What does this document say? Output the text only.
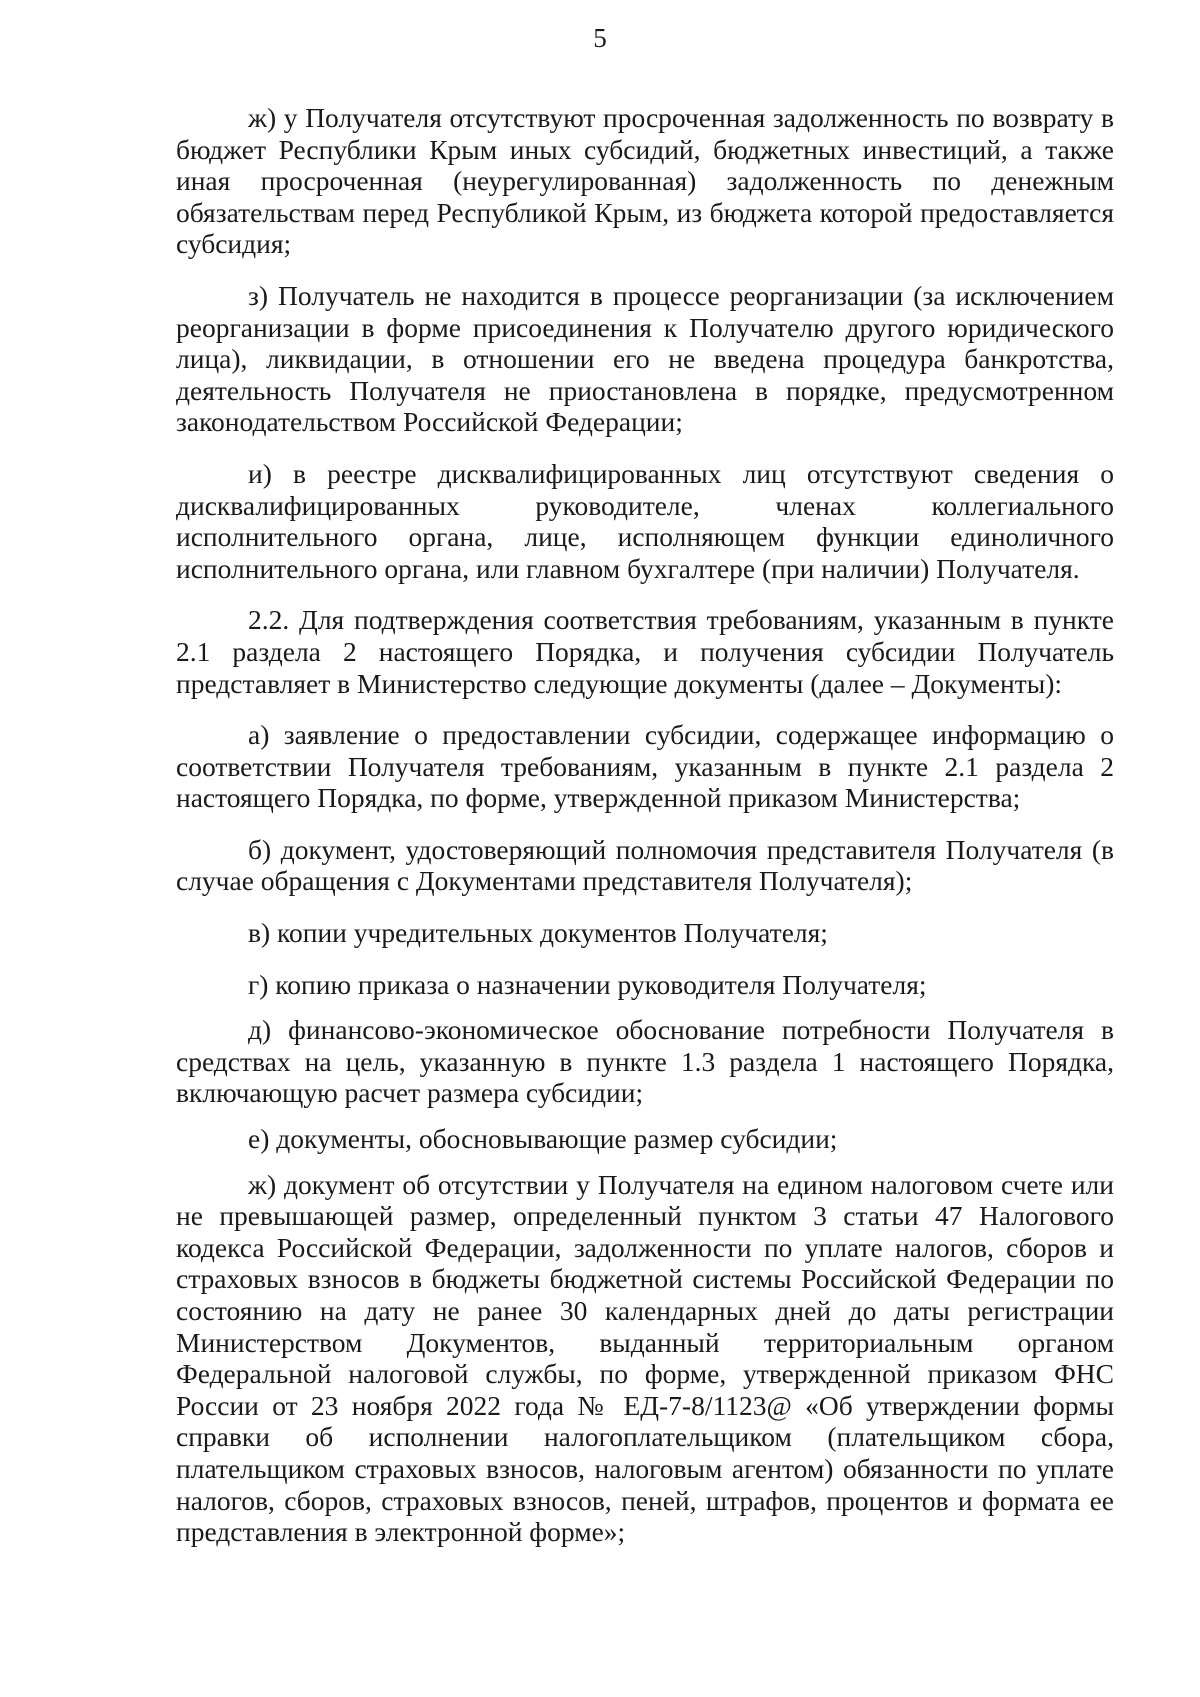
5

ж) у Получателя отсутствуют просроченная задолженность по возврату в бюджет Республики Крым иных субсидий, бюджетных инвестиций, а также иная просроченная (неурегулированная) задолженность по денежным обязательствам перед Республикой Крым, из бюджета которой предоставляется субсидия;

з) Получатель не находится в процессе реорганизации (за исключением реорганизации в форме присоединения к Получателю другого юридического лица), ликвидации, в отношении его не введена процедура банкротства, деятельность Получателя не приостановлена в порядке, предусмотренном законодательством Российской Федерации;

и) в реестре дисквалифицированных лиц отсутствуют сведения о дисквалифицированных руководителе, членах коллегиального исполнительного органа, лице, исполняющем функции единоличного исполнительного органа, или главном бухгалтере (при наличии) Получателя.

2.2. Для подтверждения соответствия требованиям, указанным в пункте 2.1 раздела 2 настоящего Порядка, и получения субсидии Получатель представляет в Министерство следующие документы (далее – Документы):

а) заявление о предоставлении субсидии, содержащее информацию о соответствии Получателя требованиям, указанным в пункте 2.1 раздела 2 настоящего Порядка, по форме, утвержденной приказом Министерства;

б) документ, удостоверяющий полномочия представителя Получателя (в случае обращения с Документами представителя Получателя);

в) копии учредительных документов Получателя;

г) копию приказа о назначении руководителя Получателя;

д) финансово-экономическое обоснование потребности Получателя в средствах на цель, указанную в пункте 1.3 раздела 1 настоящего Порядка, включающую расчет размера субсидии;

е) документы, обосновывающие размер субсидии;

ж) документ об отсутствии у Получателя на едином налоговом счете или не превышающей размер, определенный пунктом 3 статьи 47 Налогового кодекса Российской Федерации, задолженности по уплате налогов, сборов и страховых взносов в бюджеты бюджетной системы Российской Федерации по состоянию на дату не ранее 30 календарных дней до даты регистрации Министерством Документов, выданный территориальным органом Федеральной налоговой службы, по форме, утвержденной приказом ФНС России от 23 ноября 2022 года № ЕД-7-8/1123@ «Об утверждении формы справки об исполнении налогоплательщиком (плательщиком сбора, плательщиком страховых взносов, налоговым агентом) обязанности по уплате налогов, сборов, страховых взносов, пеней, штрафов, процентов и формата ее представления в электронной форме»;
